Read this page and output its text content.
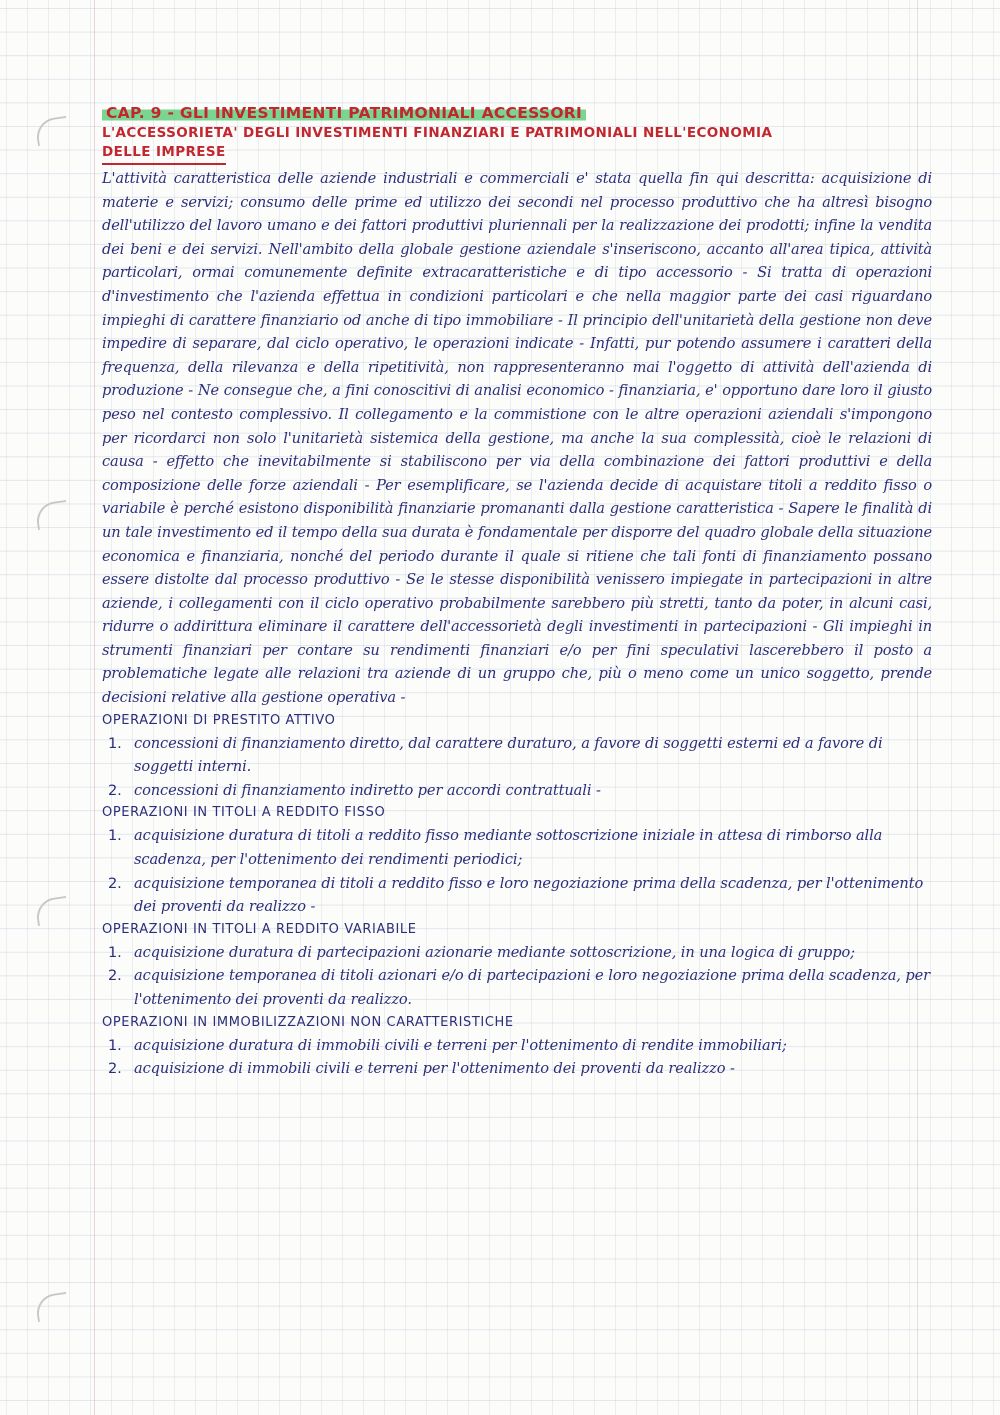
CAP. 9 - GLI INVESTIMENTI PATRIMONIALI ACCESSORI
L'ACCESSORIETA' DEGLI INVESTIMENTI FINANZIARI E PATRIMONIALI NELL'ECONOMIA
DELLE IMPRESE

L'attività caratteristica delle aziende industriali e commerciali e' stata quella fin qui descritta: acquisizione di materie e servizi; consumo delle prime ed utilizzo dei secondi nel processo produttivo che ha altresì bisogno dell'utilizzo del lavoro umano e dei fattori produttivi pluriennali per la realizzazione dei prodotti; infine la vendita dei beni e dei servizi. Nell'ambito della globale gestione aziendale s'inseriscono, accanto all'area tipica, attività particolari, ormai comunemente definite extracaratteristiche e di tipo accessorio - Si tratta di operazioni d'investimento che l'azienda effettua in condizioni particolari e che nella maggior parte dei casi riguardano impieghi di carattere finanziario od anche di tipo immobiliare - Il principio dell'unitarietà della gestione non deve impedire di separare, dal ciclo operativo, le operazioni indicate - Infatti, pur potendo assumere i caratteri della frequenza, della rilevanza e della ripetitività, non rappresenteranno mai l'oggetto di attività dell'azienda di produzione - Ne consegue che, a fini conoscitivi di analisi economico - finanziaria, e' opportuno dare loro il giusto peso nel contesto complessivo. Il collegamento e la commistione con le altre operazioni aziendali s'impongono per ricordarci non solo l'unitarietà sistemica della gestione, ma anche la sua complessità, cioè le relazioni di causa - effetto che inevitabilmente si stabiliscono per via della combinazione dei fattori produttivi e della composizione delle forze aziendali - Per esemplificare, se l'azienda decide di acquistare titoli a reddito fisso o variabile è perché esistono disponibilità finanziarie promananti dalla gestione caratteristica - Sapere le finalità di un tale investimento ed il tempo della sua durata è fondamentale per disporre del quadro globale della situazione economica e finanziaria, nonché del periodo durante il quale si ritiene che tali fonti di finanziamento possano essere distolte dal processo produttivo - Se le stesse disponibilità venissero impiegate in partecipazioni in altre aziende, i collegamenti con il ciclo operativo probabilmente sarebbero più stretti, tanto da poter, in alcuni casi, ridurre o addirittura eliminare il carattere dell'accessorietà degli investimenti in partecipazioni - Gli impieghi in strumenti finanziari per contare su rendimenti finanziari e/o per fini speculativi lascerebbero il posto a problematiche legate alle relazioni tra aziende di un gruppo che, più o meno come un unico soggetto, prende decisioni relative alla gestione operativa -

OPERAZIONI DI PRESTITO ATTIVO

1. concessioni di finanziamento diretto, dal carattere duraturo, a favore di soggetti esterni ed a favore di soggetti interni.
2. concessioni di finanziamento indiretto per accordi contrattuali -

OPERAZIONI IN TITOLI A REDDITO FISSO

1. acquisizione duratura di titoli a reddito fisso mediante sottoscrizione iniziale in attesa di rimborso alla scadenza, per l'ottenimento dei rendimenti periodici;
2. acquisizione temporanea di titoli a reddito fisso e loro negoziazione prima della scadenza, per l'ottenimento dei proventi da realizzo -

OPERAZIONI IN TITOLI A REDDITO VARIABILE

1. acquisizione duratura di partecipazioni azionarie mediante sottoscrizione, in una logica di gruppo;
2. acquisizione temporanea di titoli azionari e/o di partecipazioni e loro negoziazione prima della scadenza, per l'ottenimento dei proventi da realizzo.

OPERAZIONI IN IMMOBILIZZAZIONI NON CARATTERISTICHE

1. acquisizione duratura di immobili civili e terreni per l'ottenimento di rendite immobiliari;
2. acquisizione di immobili civili e terreni per l'ottenimento dei proventi da realizzo -
